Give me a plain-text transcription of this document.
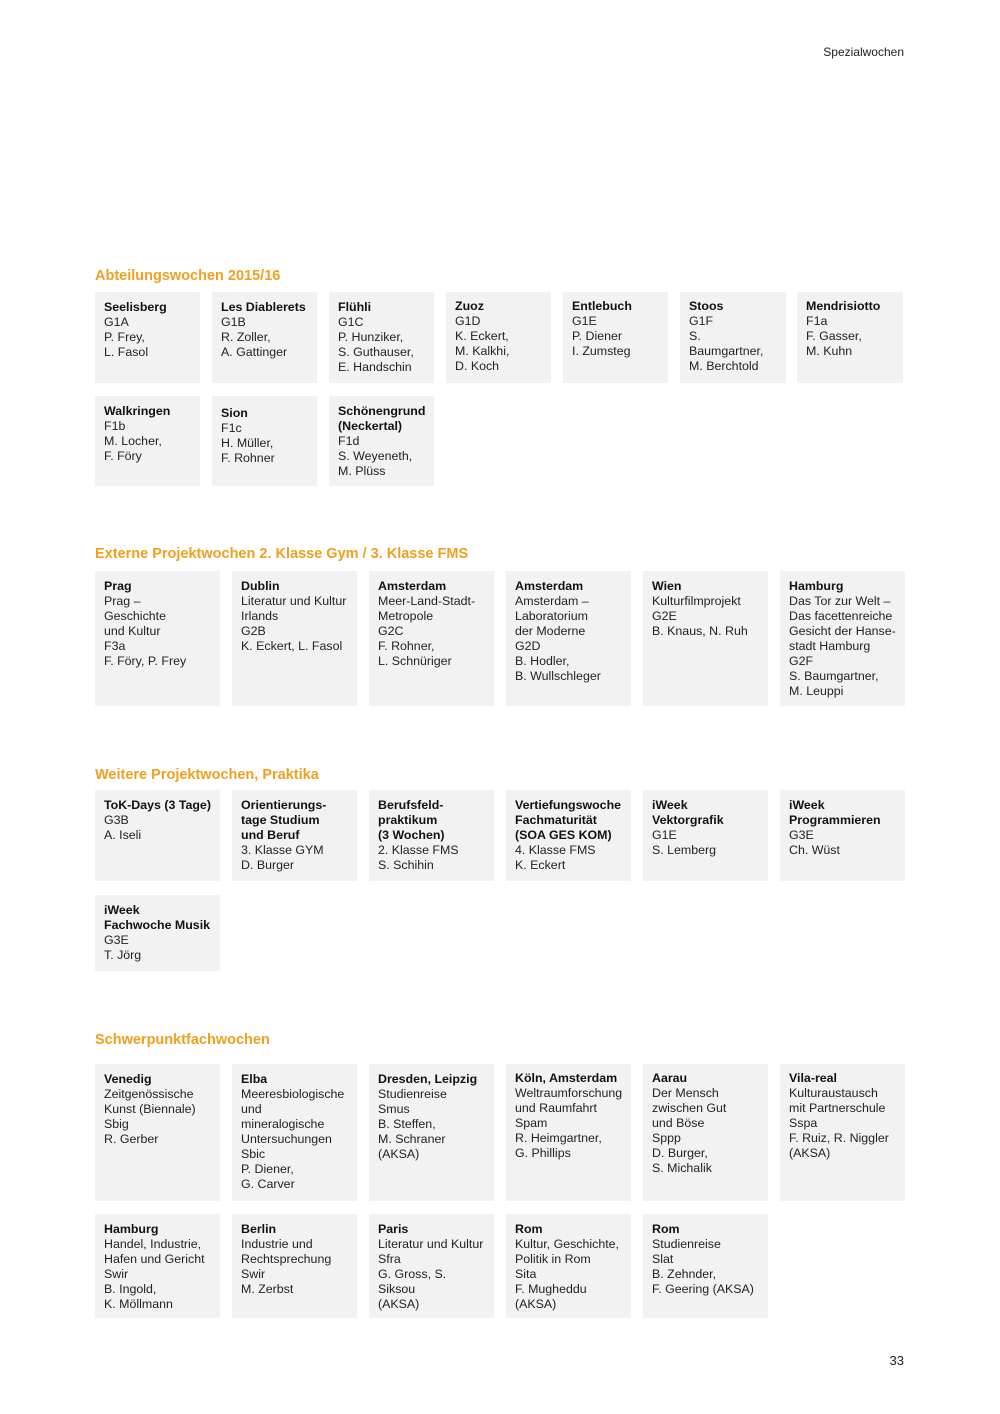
Spezialwochen
Abteilungswochen 2015/16
Seelisberg
G1A
P. Frey,
L. Fasol
Les Diablerets
G1B
R. Zoller,
A. Gattinger
Flühli
G1C
P. Hunziker,
S. Guthauser,
E. Handschin
Zuoz
G1D
K. Eckert,
M. Kalkhi,
D. Koch
Entlebuch
G1E
P. Diener
I. Zumsteg
Stoos
G1F
S. Baumgartner,
M. Berchtold
Mendrisiotto
F1a
F. Gasser,
M. Kuhn
Walkringen
F1b
M. Locher,
F. Föry
Sion
F1c
H. Müller,
F. Rohner
Schönengrund
(Neckertal)
F1d
S. Weyeneth,
M. Plüss
Externe Projektwochen 2. Klasse Gym / 3. Klasse FMS
Prag
Prag –
Geschichte
und Kultur
F3a
F. Föry, P. Frey
Dublin
Literatur und Kultur
Irlands
G2B
K. Eckert, L. Fasol
Amsterdam
Meer-Land-Stadt-
Metropole
G2C
F. Rohner,
L. Schnüriger
Amsterdam
Amsterdam –
Laboratorium
der Moderne
G2D
B. Hodler,
B. Wullschleger
Wien
Kulturfilmprojekt
G2E
B. Knaus, N. Ruh
Hamburg
Das Tor zur Welt –
Das facettenreiche
Gesicht der Hanse-
stadt Hamburg
G2F
S. Baumgartner,
M. Leuppi
Weitere Projektwochen, Praktika
ToK-Days (3 Tage)
G3B
A. Iseli
Orientierungs-
tage Studium
und Beruf
3. Klasse GYM
D. Burger
Berufsfeld-
praktikum
(3 Wochen)
2. Klasse FMS
S. Schihin
Vertiefungswoche
Fachmaturität
(SOA GES KOM)
4. Klasse FMS
K. Eckert
iWeek
Vektorgrafik
G1E
S. Lemberg
iWeek
Programmieren
G3E
Ch. Wüst
iWeek
Fachwoche Musik
G3E
T. Jörg
Schwerpunktfachwochen
Venedig
Zeitgenössische
Kunst (Biennale)
Sbig
R. Gerber
Elba
Meeresbiologische
und mineralogische
Untersuchungen
Sbic
P. Diener,
G. Carver
Dresden, Leipzig
Studienreise
Smus
B. Steffen,
M. Schraner
(AKSA)
Köln, Amsterdam
Weltraumforschung
und Raumfahrt
Spam
R. Heimgartner,
G. Phillips
Aarau
Der Mensch
zwischen Gut
und Böse
Sppp
D. Burger,
S. Michalik
Vila-real
Kulturaustausch
mit Partnerschule
Sspa
F. Ruiz, R. Niggler
(AKSA)
Hamburg
Handel, Industrie,
Hafen und Gericht
Swir
B. Ingold,
K. Möllmann
Berlin
Industrie und
Rechtsprechung
Swir
M. Zerbst
Paris
Literatur und Kultur
Sfra
G. Gross, S. Siksou
(AKSA)
Rom
Kultur, Geschichte,
Politik in Rom
Sita
F. Mugheddu
(AKSA)
Rom
Studienreise
Slat
B. Zehnder,
F. Geering (AKSA)
33
